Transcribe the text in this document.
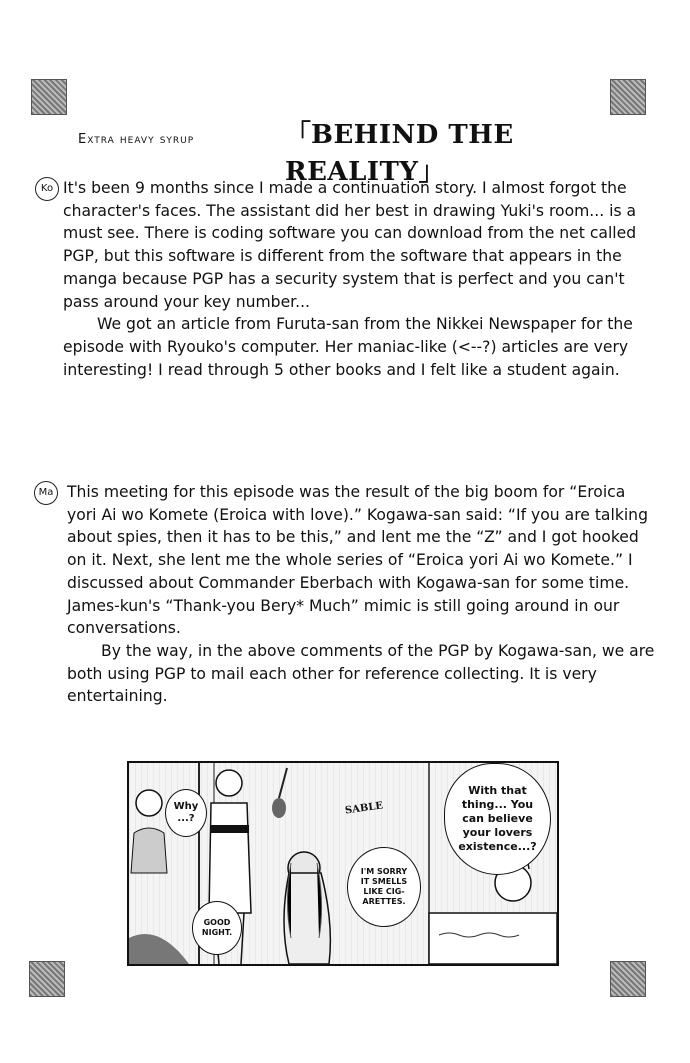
Extra heavy syrup	「BEHIND THE REALITY」
Ko It's been 9 months since I made a continuation story. I almost forgot the character's faces. The assistant did her best in drawing Yuki's room... is a must see. There is coding software you can download from the net called PGP, but this software is different from the software that appears in the manga because PGP has a security system that is perfect and you can't pass around your key number...

We got an article from Furuta-san from the Nikkei Newspaper for the episode with Ryouko's computer. Her maniac-like (<--?) articles are very interesting! I read through 5 other books and I felt like a student again.

Ma This meeting for this episode was the result of the big boom for “Eroica yori Ai wo Komete (Eroica with love).” Kogawa-san said: “If you are talking about spies, then it has to be this,” and lent me the “Z” and I got hooked on it. Next, she lent me the whole series of “Eroica yori Ai wo Komete.” I discussed about Commander Eberbach with Kogawa-san for some time. James-kun's “Thank-you Bery* Much” mimic is still going around in our conversations.

By the way, in the above comments of the PGP by Kogawa-san, we are both using PGP to mail each other for reference collecting. It is very entertaining.

SABLE
Why
...?
GOOD
NIGHT.
I'M SORRY
IT SMELLS
LIKE CIG-
ARETTES.
With that
thing... You
can believe
your lovers
existence...?
